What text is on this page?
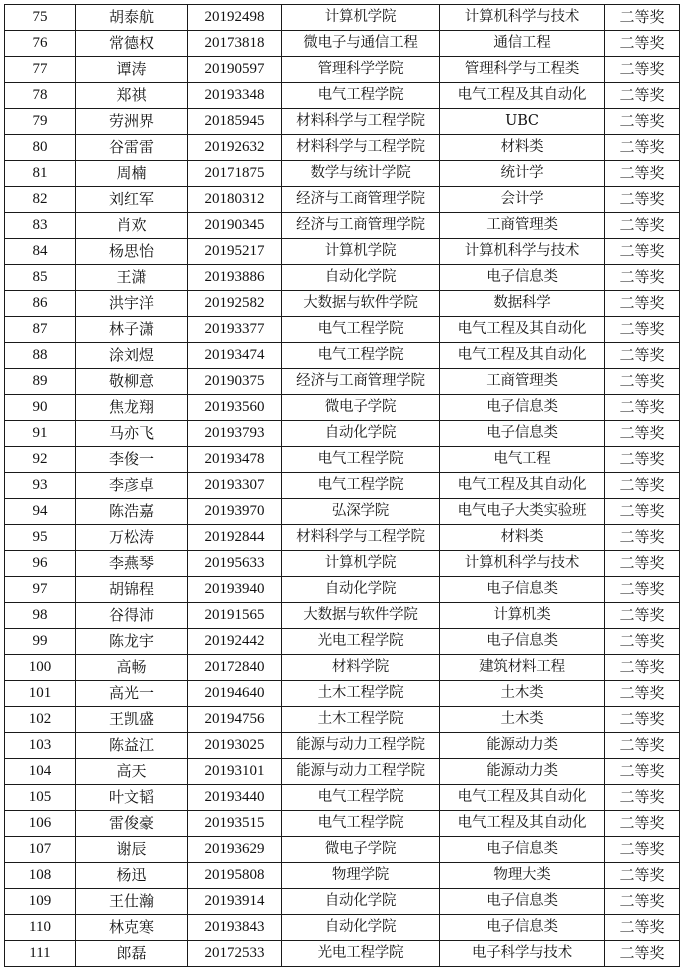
75	胡泰航	20192498	计算机学院	计算机科学与技术	二等奖
76	常德权	20173818	微电子与通信工程	通信工程	二等奖
77	谭涛	20190597	管理科学学院	管理科学与工程类	二等奖
78	郑祺	20193348	电气工程学院	电气工程及其自动化	二等奖
79	劳洲界	20185945	材料科学与工程学院	UBC	二等奖
80	谷雷雷	20192632	材料科学与工程学院	材料类	二等奖
81	周楠	20171875	数学与统计学院	统计学	二等奖
82	刘红军	20180312	经济与工商管理学院	会计学	二等奖
83	肖欢	20190345	经济与工商管理学院	工商管理类	二等奖
84	杨思怡	20195217	计算机学院	计算机科学与技术	二等奖
85	王潇	20193886	自动化学院	电子信息类	二等奖
86	洪宇洋	20192582	大数据与软件学院	数据科学	二等奖
87	林子潇	20193377	电气工程学院	电气工程及其自动化	二等奖
88	涂刘煜	20193474	电气工程学院	电气工程及其自动化	二等奖
89	敬柳意	20190375	经济与工商管理学院	工商管理类	二等奖
90	焦龙翔	20193560	微电子学院	电子信息类	二等奖
91	马亦飞	20193793	自动化学院	电子信息类	二等奖
92	李俊一	20193478	电气工程学院	电气工程	二等奖
93	李彦卓	20193307	电气工程学院	电气工程及其自动化	二等奖
94	陈浩嘉	20193970	弘深学院	电气电子大类实验班	二等奖
95	万松涛	20192844	材料科学与工程学院	材料类	二等奖
96	李燕琴	20195633	计算机学院	计算机科学与技术	二等奖
97	胡锦程	20193940	自动化学院	电子信息类	二等奖
98	谷得沛	20191565	大数据与软件学院	计算机类	二等奖
99	陈龙宇	20192442	光电工程学院	电子信息类	二等奖
100	高畅	20172840	材料学院	建筑材料工程	二等奖
101	高光一	20194640	土木工程学院	土木类	二等奖
102	王凯盛	20194756	土木工程学院	土木类	二等奖
103	陈益江	20193025	能源与动力工程学院	能源动力类	二等奖
104	高天	20193101	能源与动力工程学院	能源动力类	二等奖
105	叶文韬	20193440	电气工程学院	电气工程及其自动化	二等奖
106	雷俊豪	20193515	电气工程学院	电气工程及其自动化	二等奖
107	谢辰	20193629	微电子学院	电子信息类	二等奖
108	杨迅	20195808	物理学院	物理大类	二等奖
109	王仕瀚	20193914	自动化学院	电子信息类	二等奖
110	林克寒	20193843	自动化学院	电子信息类	二等奖
111	郎磊	20172533	光电工程学院	电子科学与技术	二等奖
